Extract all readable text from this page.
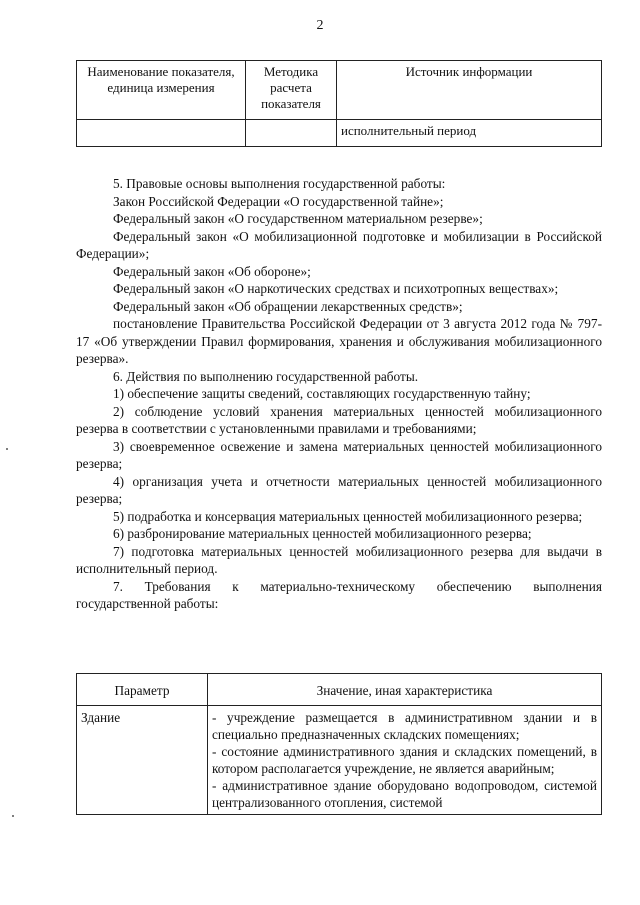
2
Наименование показателя, единица измерения	Методика расчета показателя	Источник информации
		исполнительный период

5. Правовые основы выполнения государственной работы:

Закон Российской Федерации «О государственной тайне»;

Федеральный закон «О государственном материальном резерве»;

Федеральный закон «О мобилизационной подготовке и мобилизации в Российской Федерации»;

Федеральный закон «Об обороне»;

Федеральный закон «О наркотических средствах и психотропных веществах»;

Федеральный закон «Об обращении лекарственных средств»;

постановление Правительства Российской Федерации от 3 августа 2012 года № 797-17 «Об утверждении Правил формирования, хранения и обслуживания мобилизационного резерва».

6. Действия по выполнению государственной работы.

1) обеспечение защиты сведений, составляющих государственную тайну;

2) соблюдение условий хранения материальных ценностей мобилизационного резерва в соответствии с установленными правилами и требованиями;

3) своевременное освежение и замена материальных ценностей мобилизационного резерва;

4) организация учета и отчетности материальных ценностей мобилизационного резерва;

5) подработка и консервация материальных ценностей мобилизационного резерва;

6) разбронирование материальных ценностей мобилизационного резерва;

7) подготовка материальных ценностей мобилизационного резерва для выдачи в исполнительный период.

7. Требования к материально-техническому обеспечению выполнения государственной работы:

Параметр	Значение, иная характеристика
Здание	- учреждение размещается в административном здании и в специально предназначенных складских помещениях;
- состояние административного здания и складских помещений, в котором располагается учреждение, не является аварийным;
- административное здание оборудовано водопроводом, системой централизованного отопления, системой
